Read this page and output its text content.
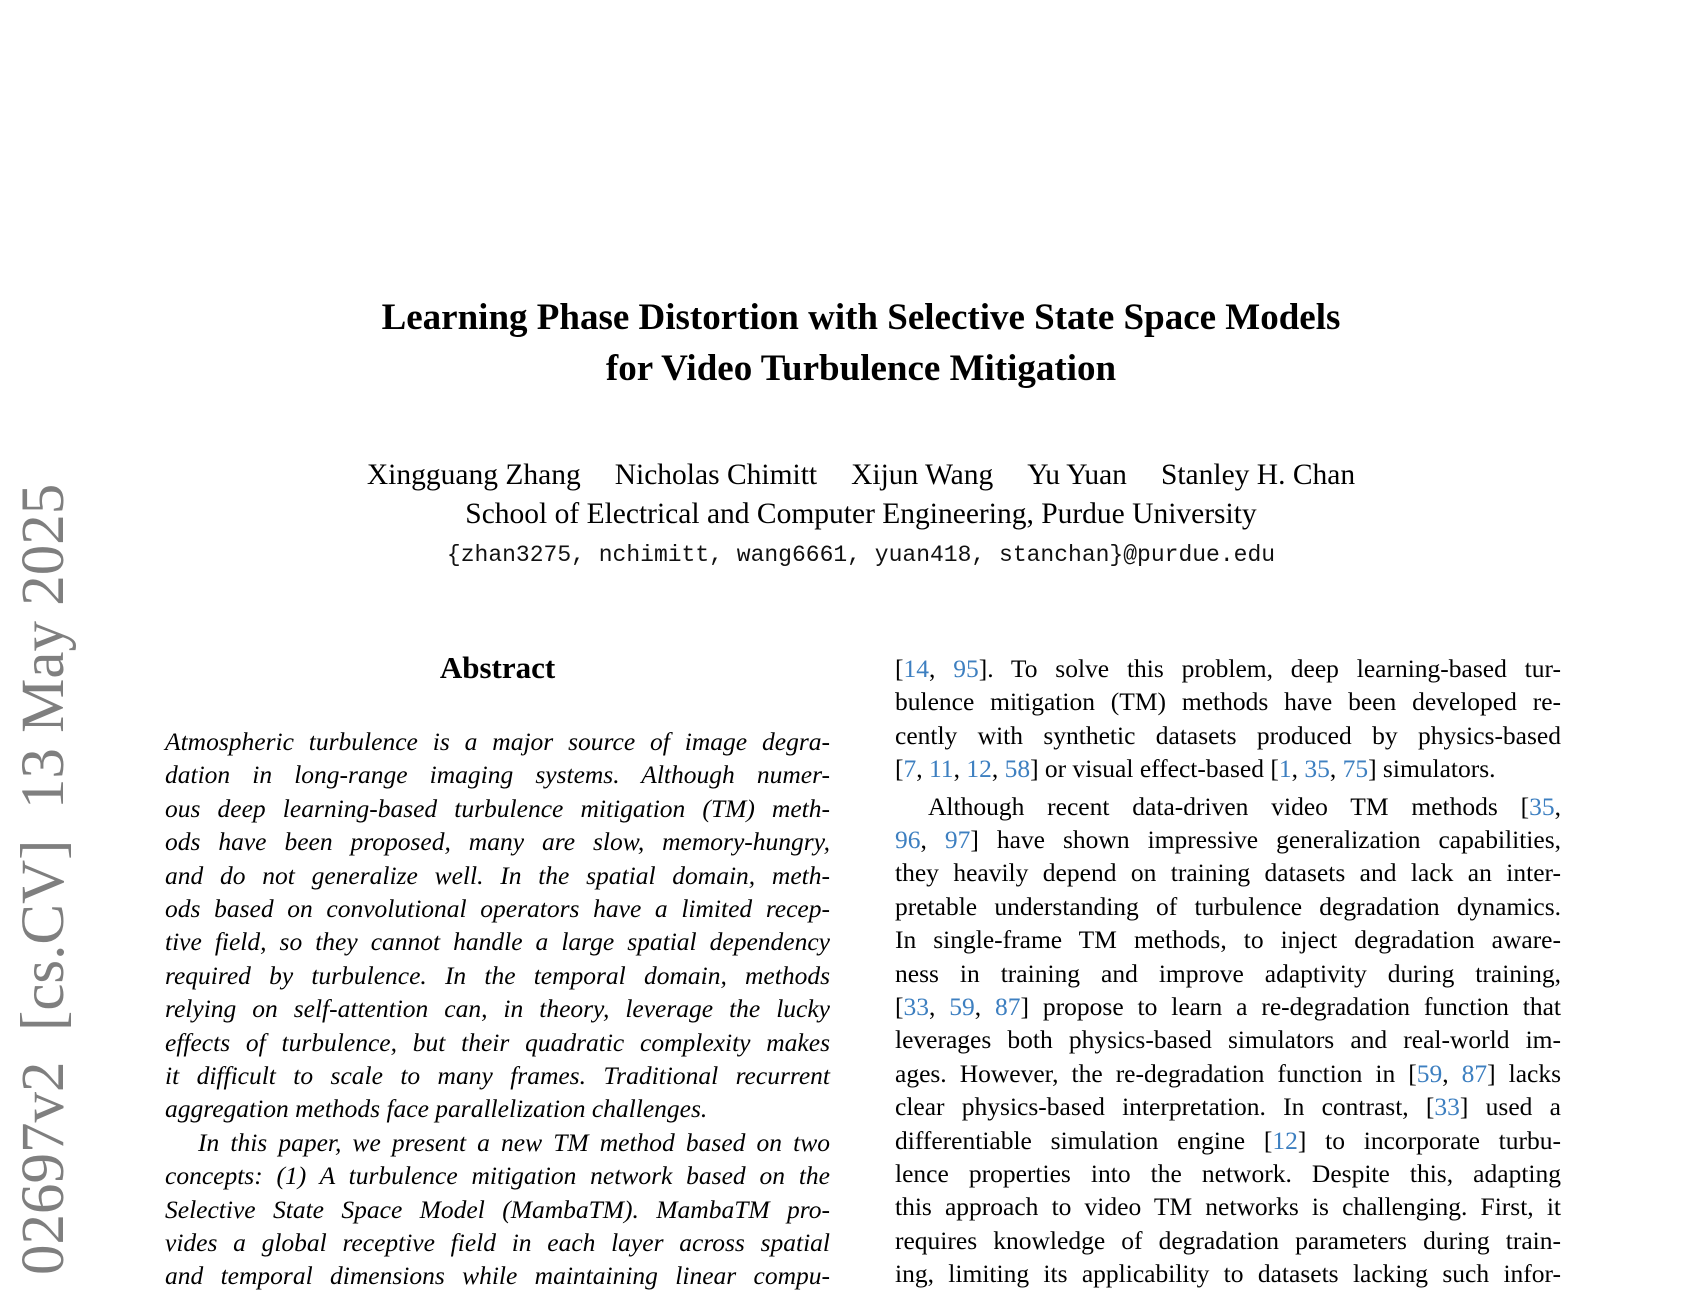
02697v2  [cs.CV]  13 May 2025
Learning Phase Distortion with Selective State Space Models
for Video Turbulence Mitigation
Xingguang Zhang Nicholas Chimitt Xijun Wang Yu Yuan Stanley H. Chan
School of Electrical and Computer Engineering, Purdue University
{zhan3275, nchimitt, wang6661, yuan418, stanchan}@purdue.edu
Abstract
Atmospheric turbulence is a major source of image degra-
dation in long-range imaging systems. Although numer-
ous deep learning-based turbulence mitigation (TM) meth-
ods have been proposed, many are slow, memory-hungry,
and do not generalize well. In the spatial domain, meth-
ods based on convolutional operators have a limited recep-
tive field, so they cannot handle a large spatial dependency
required by turbulence. In the temporal domain, methods
relying on self-attention can, in theory, leverage the lucky
effects of turbulence, but their quadratic complexity makes
it difficult to scale to many frames. Traditional recurrent
aggregation methods face parallelization challenges.
In this paper, we present a new TM method based on two
concepts: (1) A turbulence mitigation network based on the
Selective State Space Model (MambaTM). MambaTM pro-
vides a global receptive field in each layer across spatial
and temporal dimensions while maintaining linear compu-
[14, 95]. To solve this problem, deep learning-based tur-
bulence mitigation (TM) methods have been developed re-
cently with synthetic datasets produced by physics-based
[7, 11, 12, 58] or visual effect-based [1, 35, 75] simulators.
Although recent data-driven video TM methods [35,
96, 97] have shown impressive generalization capabilities,
they heavily depend on training datasets and lack an inter-
pretable understanding of turbulence degradation dynamics.
In single-frame TM methods, to inject degradation aware-
ness in training and improve adaptivity during training,
[33, 59, 87] propose to learn a re-degradation function that
leverages both physics-based simulators and real-world im-
ages. However, the re-degradation function in [59, 87] lacks
clear physics-based interpretation. In contrast, [33] used a
differentiable simulation engine [12] to incorporate turbu-
lence properties into the network. Despite this, adapting
this approach to video TM networks is challenging. First, it
requires knowledge of degradation parameters during train-
ing, limiting its applicability to datasets lacking such infor-
